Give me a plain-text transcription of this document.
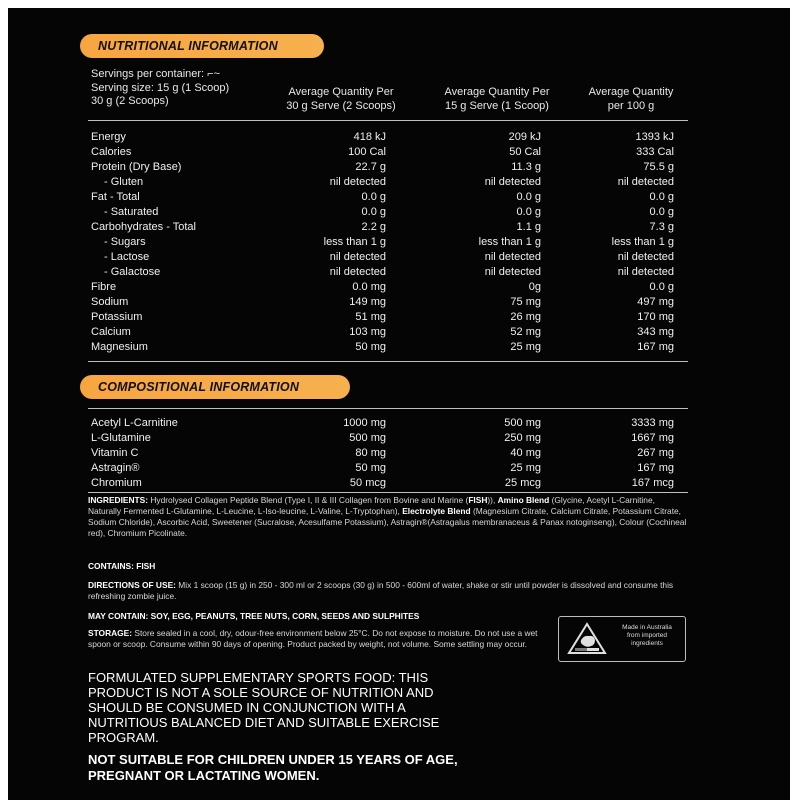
NUTRITIONAL INFORMATION
Servings per container: ⌐~
Serving size: 15 g (1 Scoop)
30 g (2 Scoops)
Average Quantity Per
30 g Serve (2 Scoops)
Average Quantity Per
15 g Serve (1 Scoop)
Average Quantity
per 100 g
Energy	418 kJ	209 kJ	1393 kJ
Calories	100 Cal	50 Cal	333 Cal
Protein (Dry Base)	22.7 g	11.3 g	75.5 g
- Gluten	nil detected	nil detected	nil detected
Fat - Total	0.0 g	0.0 g	0.0 g
- Saturated	0.0 g	0.0 g	0.0 g
Carbohydrates - Total	2.2 g	1.1 g	7.3 g
- Sugars	less than 1 g	less than 1 g	less than 1 g
- Lactose	nil detected	nil detected	nil detected
- Galactose	nil detected	nil detected	nil detected
Fibre	0.0 mg	0g	0.0 g
Sodium	149 mg	75 mg	497 mg
Potassium	51 mg	26 mg	170 mg
Calcium	103 mg	52 mg	343 mg
Magnesium	50 mg	25 mg	167 mg
COMPOSITIONAL INFORMATION
Acetyl L-Carnitine	1000 mg	500 mg	3333 mg
L-Glutamine	500 mg	250 mg	1667 mg
Vitamin C	80 mg	40 mg	267 mg
Astragin®	50 mg	25 mg	167 mg
Chromium	50 mcg	25 mcg	167 mcg
INGREDIENTS: Hydrolysed Collagen Peptide Blend (Type I, II & III Collagen from Bovine and Marine (FISH)), Amino Blend (Glycine, Acetyl L-Carnitine, Naturally Fermented L-Glutamine, L-Leucine, L-Iso-leucine, L-Valine, L-Tryptophan), Electrolyte Blend (Magnesium Citrate, Calcium Citrate, Potassium Citrate, Sodium Chloride), Ascorbic Acid, Sweetener (Sucralose, Acesulfame Potassium), Astragin®(Astragalus membranaceus & Panax notoginseng), Colour (Cochineal red), Chromium Picolinate.
CONTAINS: FISH
DIRECTIONS OF USE: Mix 1 scoop (15 g) in 250 - 300 ml or 2 scoops (30 g) in 500 - 600ml of water, shake or stir until powder is dissolved and consume this refreshing zombie juice.
MAY CONTAIN: SOY, EGG, PEANUTS, TREE NUTS, CORN, SEEDS AND SULPHITES
STORAGE: Store sealed in a cool, dry, odour-free environment below 25°C. Do not expose to moisture. Do not use a wet spoon or scoop. Consume within 90 days of opening. Product packed by weight, not volume. Some settling may occur.
Made in Australia
from imported
ingredients
FORMULATED SUPPLEMENTARY SPORTS FOOD: THIS PRODUCT IS NOT A SOLE SOURCE OF NUTRITION AND SHOULD BE CONSUMED IN CONJUNCTION WITH A NUTRITIOUS BALANCED DIET AND SUITABLE EXERCISE PROGRAM.
NOT SUITABLE FOR CHILDREN UNDER 15 YEARS OF AGE, PREGNANT OR LACTATING WOMEN.
